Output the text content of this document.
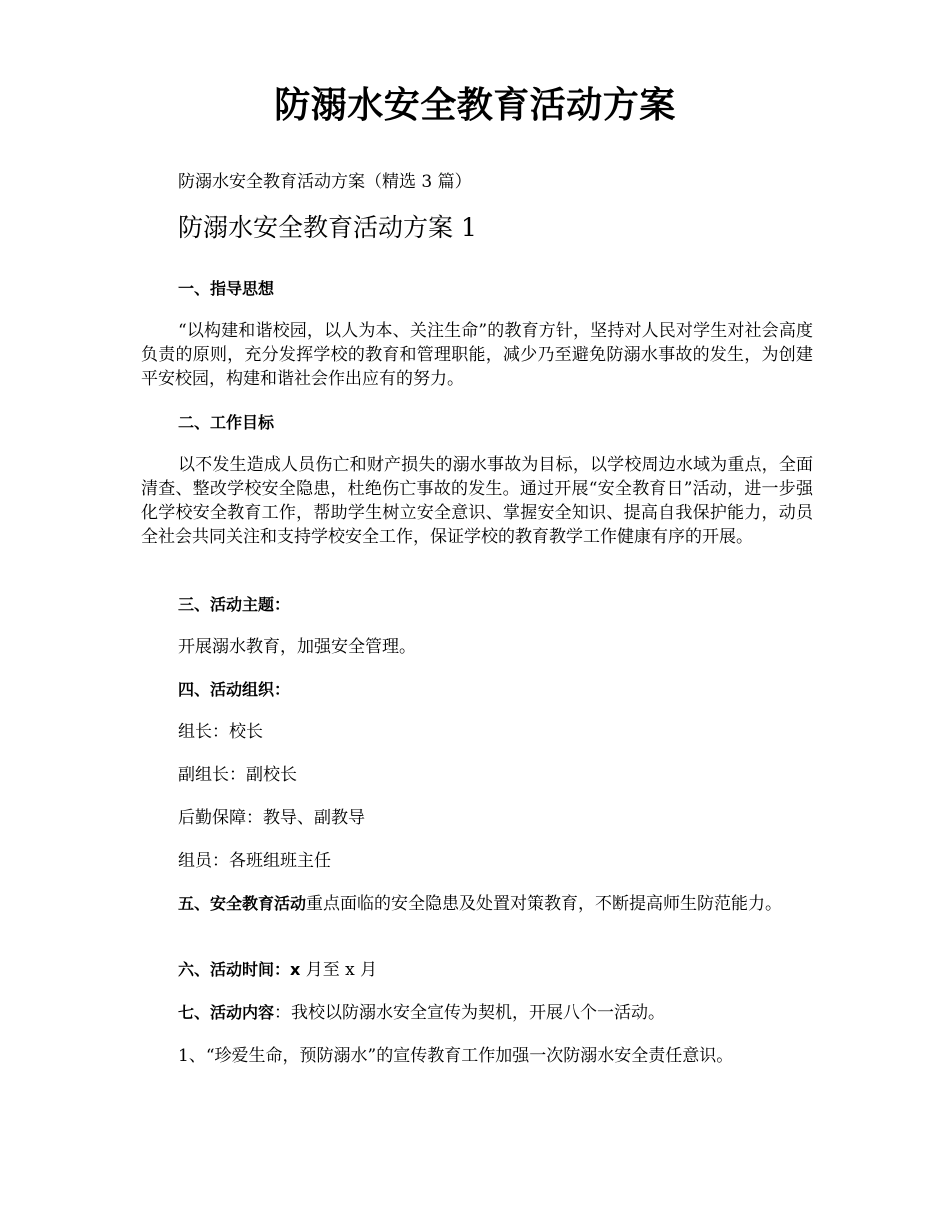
防溺水安全教育活动方案
防溺水安全教育活动方案（精选 3 篇）
防溺水安全教育活动方案 1
一、指导思想
“以构建和谐校园，以人为本、关注生命”的教育方针，坚持对人民对学生对社会高度负责的原则，充分发挥学校的教育和管理职能，减少乃至避免防溺水事故的发生，为创建平安校园，构建和谐社会作出应有的努力。
二、工作目标
以不发生造成人员伤亡和财产损失的溺水事故为目标，以学校周边水域为重点，全面清查、整改学校安全隐患，杜绝伤亡事故的发生。通过开展“安全教育日”活动，进一步强化学校安全教育工作，帮助学生树立安全意识、掌握安全知识、提高自我保护能力，动员全社会共同关注和支持学校安全工作，保证学校的教育教学工作健康有序的开展。
三、活动主题：
开展溺水教育，加强安全管理。
四、活动组织：
组长：校长
副组长：副校长
后勤保障：教导、副教导
组员：各班组班主任
五、安全教育活动重点面临的安全隐患及处置对策教育，不断提高师生防范能力。
六、活动时间：x 月至 x 月
七、活动内容：我校以防溺水安全宣传为契机，开展八个一活动。
1、“珍爱生命，预防溺水”的宣传教育工作加强一次防溺水安全责任意识。
